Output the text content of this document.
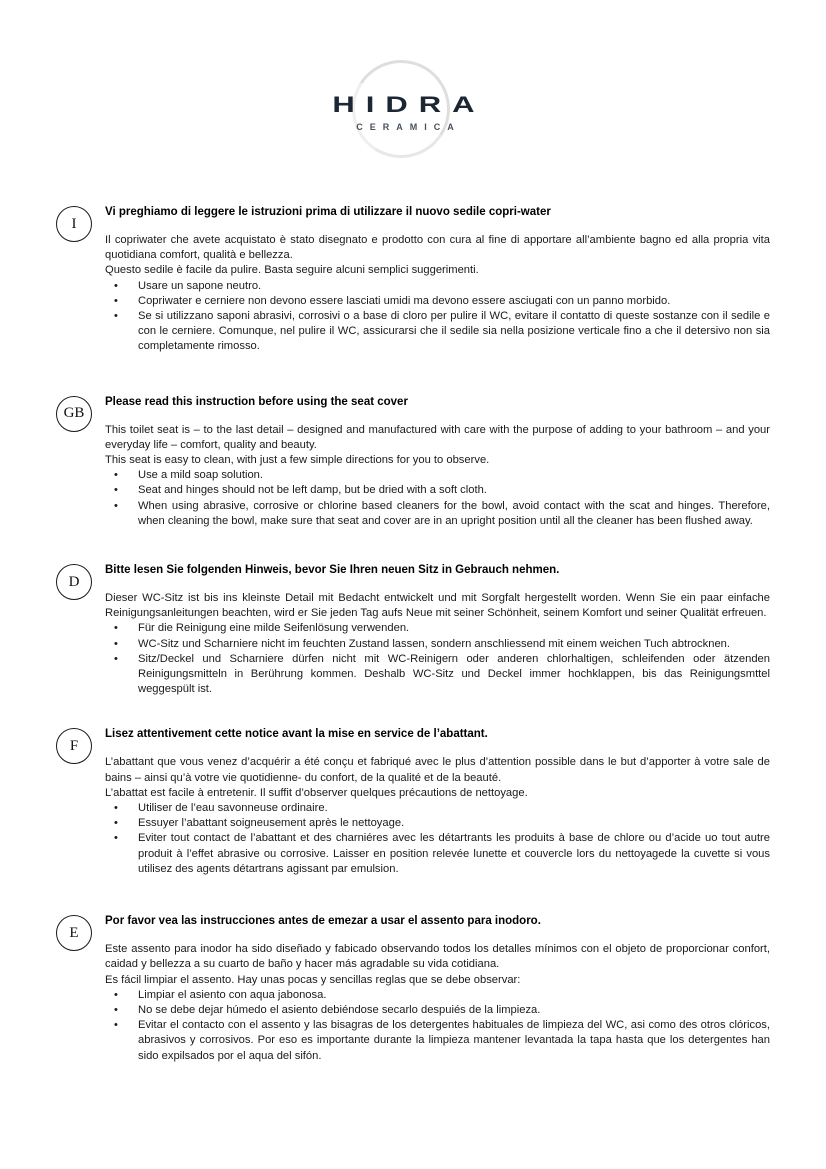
HIDRA
CERAMICA
I
Vi preghiamo di leggere le istruzioni prima di utilizzare il nuovo sedile copri-water

Il copriwater che avete acquistato è stato disegnato e prodotto con cura al fine di apportare all’ambiente bagno ed alla propria vita quotidiana comfort, qualità e bellezza.

Questo sedile è facile da pulire. Basta seguire alcuni semplici suggerimenti.

• Usare un sapone neutro.
• Copriwater e cerniere non devono essere lasciati umidi ma devono essere asciugati con un panno morbido.
• Se si utilizzano saponi abrasivi, corrosivi o a base di cloro per pulire il WC, evitare il contatto di queste sostanze con il sedile e con le cerniere. Comunque, nel pulire il WC, assicurarsi che il sedile sia nella posizione verticale fino a che il detersivo non sia completamente rimosso.
GB
Please read this instruction before using the seat cover

This toilet seat is – to the last detail – designed and manufactured with care with the purpose of adding to your bathroom – and your everyday life – comfort, quality and beauty.

This seat is easy to clean, with just a few simple directions for you to observe.

• Use a mild soap solution.
• Seat and hinges should not be left damp, but be dried with a soft cloth.
• When using abrasive, corrosive or chlorine based cleaners for the bowl, avoid contact with the scat and hinges. Therefore, when cleaning the bowl, make sure that seat and cover are in an upright position until all the cleaner has been flushed away.
D
Bitte lesen Sie folgenden Hinweis, bevor Sie Ihren neuen Sitz in Gebrauch nehmen.

Dieser WC-Sitz ist bis ins kleinste Detail mit Bedacht entwickelt und mit Sorgfalt hergestellt worden. Wenn Sie ein paar einfache Reinigungsanleitungen beachten, wird er Sie jeden Tag aufs Neue mit seiner Schönheit, seinem Komfort und seiner Qualität erfreuen.

• Für die Reinigung eine milde Seifenlösung verwenden.
• WC-Sitz und Scharniere nicht im feuchten Zustand lassen, sondern anschliessend mit einem weichen Tuch abtrocknen.
• Sitz/Deckel und Scharniere dürfen nicht mit WC-Reinigern oder anderen chlorhaltigen, schleifenden oder ätzenden Reinigungsmitteln in Berührung kommen. Deshalb WC-Sitz und Deckel immer hochklappen, bis das Reinigungsmttel weggespült ist.
F
Lisez attentivement cette notice avant la mise en service de l’abattant.

L’abattant que vous venez d’acquérir a été conçu et fabriqué avec le plus d’attention possible dans le but d’apporter à votre sale de bains – ainsi qu’à votre vie quotidienne- du confort, de la qualité et de la beauté.

L’abattat est facile à entretenir. Il suffit d’observer quelques précautions de nettoyage.

• Utiliser de l’eau savonneuse ordinaire.
• Essuyer l’abattant soigneusement après le nettoyage.
• Eviter tout contact de l’abattant et des charniéres avec les détartrants les produits à base de chlore ou d’acide uo tout autre produit à l’effet abrasive ou corrosive. Laisser en position relevée lunette et couvercle lors du nettoyagede la cuvette si vous utilisez des agents détartrans agissant par emulsion.
E
Por favor vea las instrucciones antes de emezar a usar el assento para inodoro.

Este assento para inodor ha sido diseñado y fabicado observando todos los detalles mínimos con el objeto de proporcionar confort, caidad y bellezza a su cuarto de baño y hacer más agradable su vida cotidiana.

Es fácil limpiar el assento. Hay unas pocas y sencillas reglas que se debe observar:

• Limpiar el asiento con aqua jabonosa.
• No se debe dejar húmedo el asiento debiéndose secarlo despuiés de la limpieza.
• Evitar el contacto con el assento y las bisagras de los detergentes habituales de limpieza del WC, asi como des otros clóricos, abrasivos y corrosivos. Por eso es importante durante la limpieza mantener levantada la tapa hasta que los detergentes han sido expilsados por el aqua del sifón.
